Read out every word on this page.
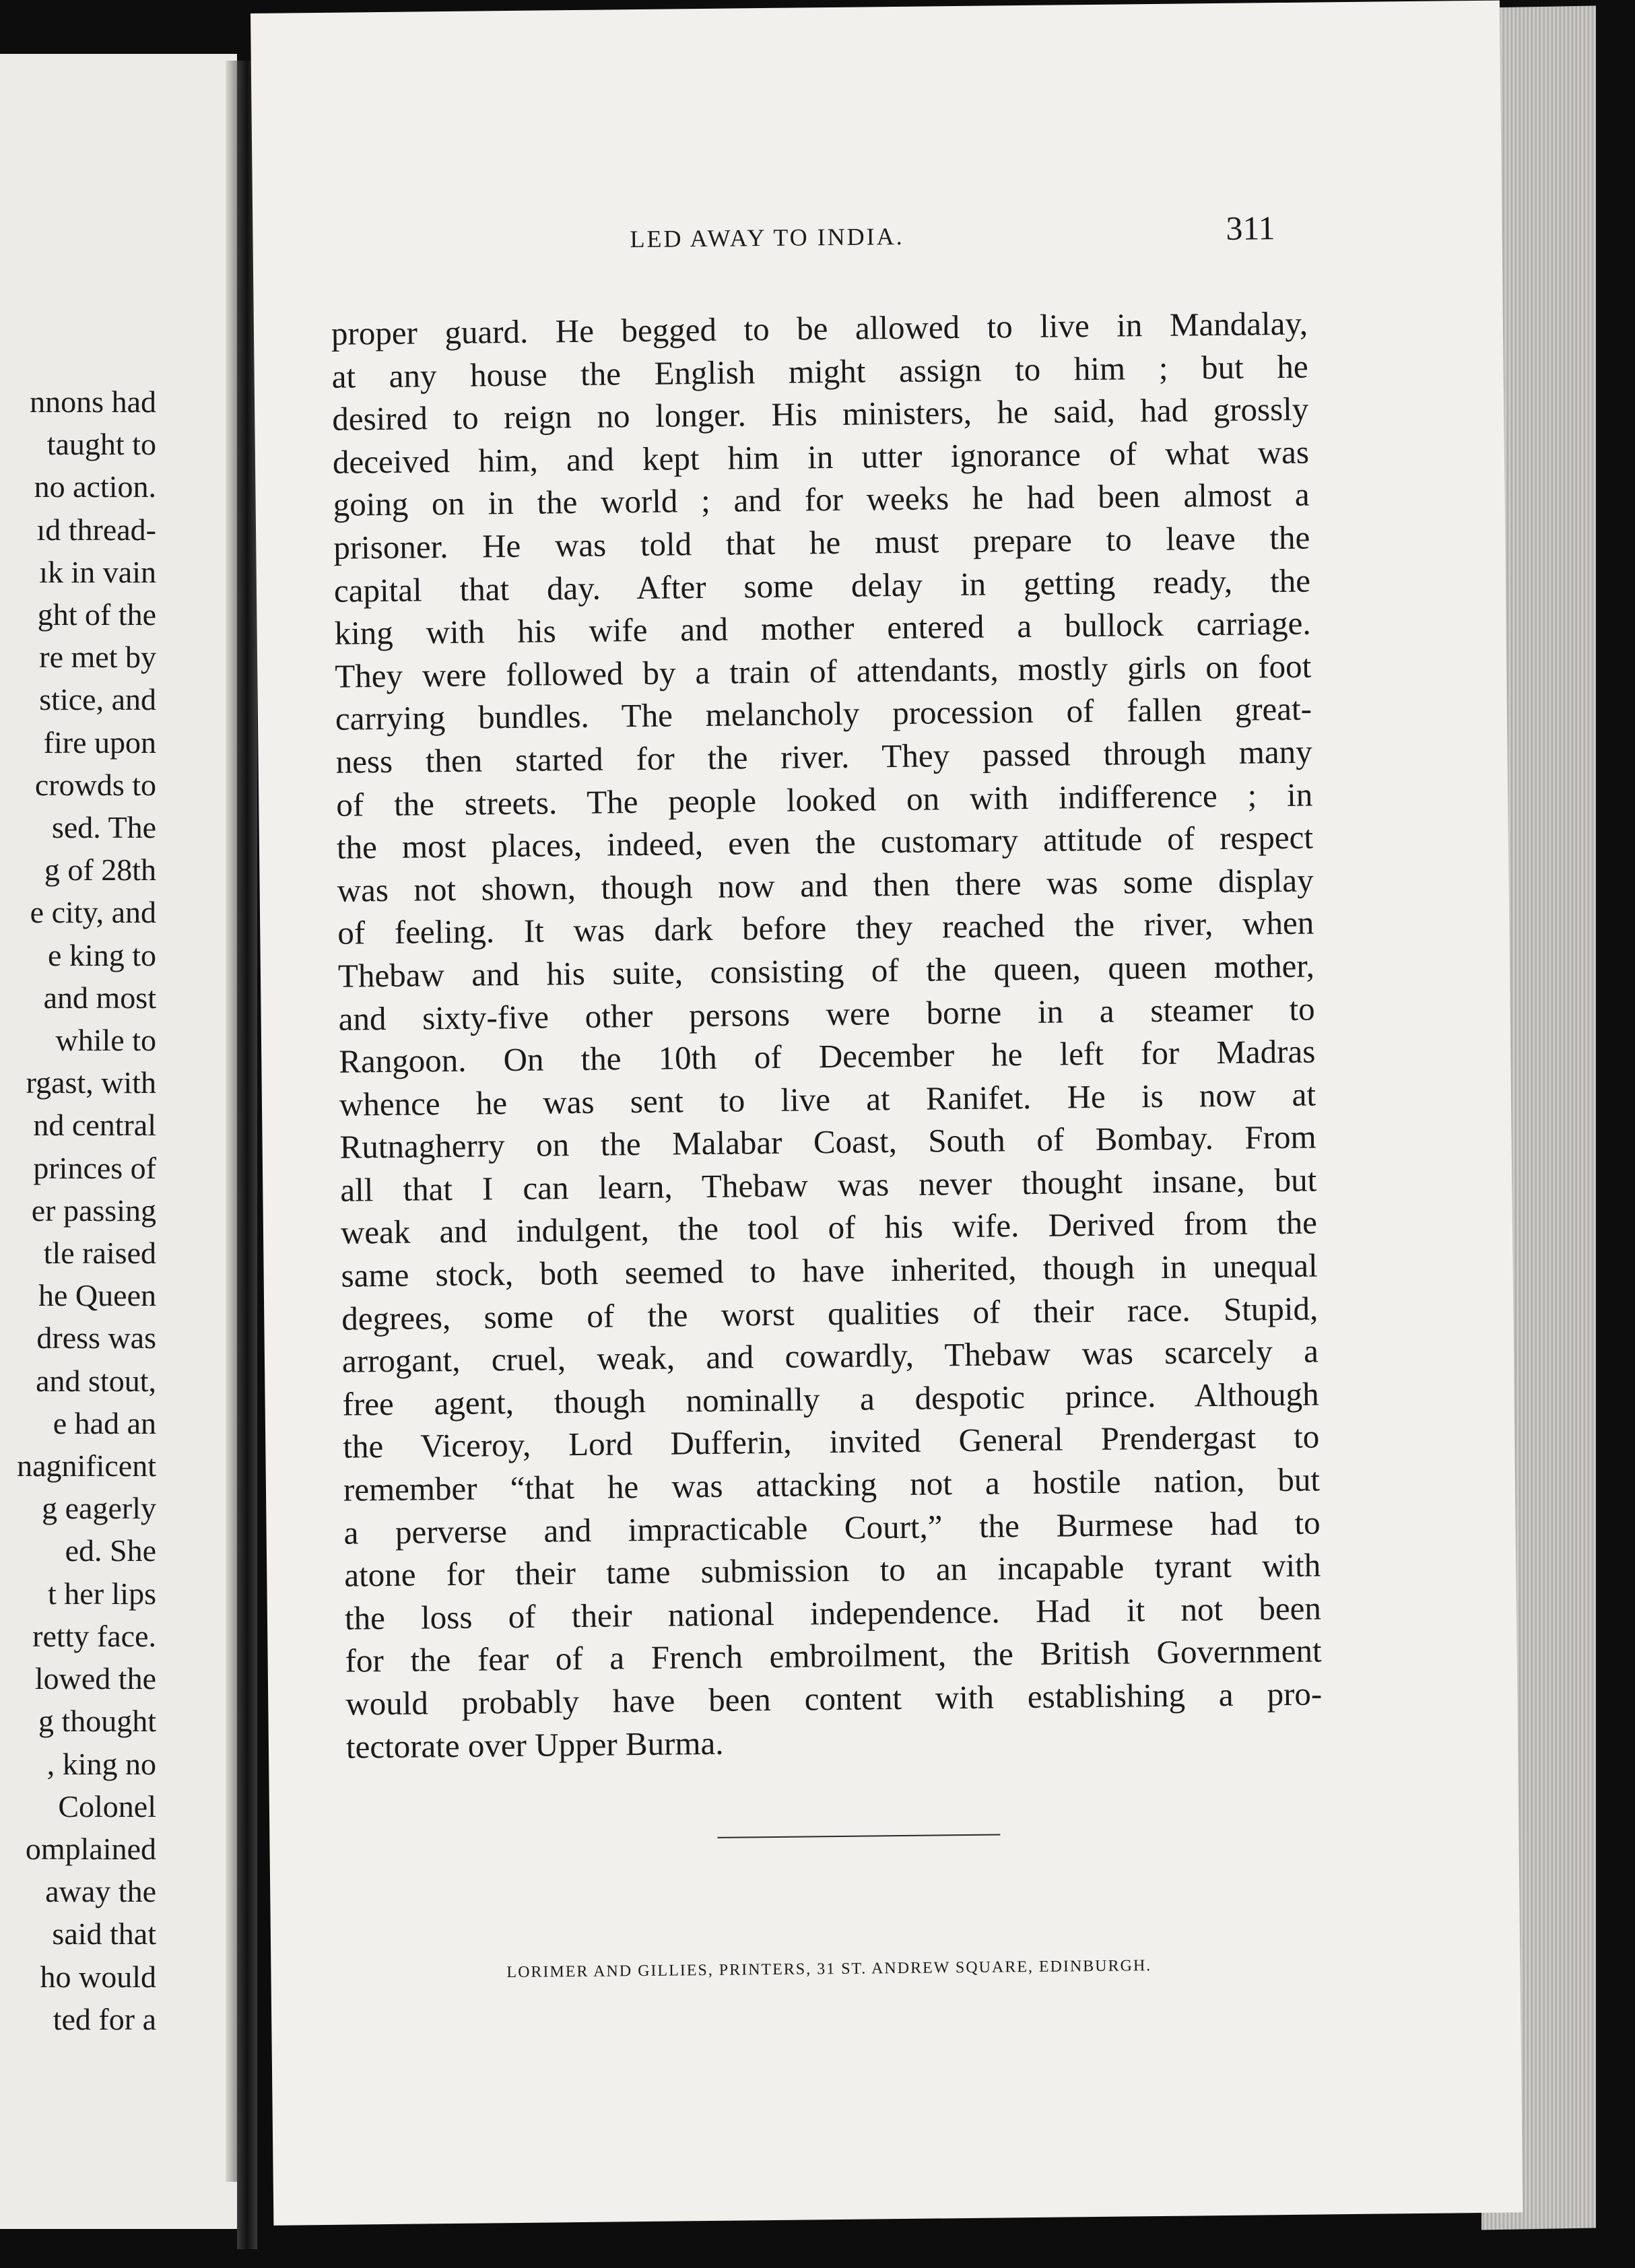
nnons had
taught to
no action.
ıd thread-
ık in vain
ght of the
re met by
stice, and
fire upon
crowds to
sed. The
g of 28th
e city, and
e king to
and most
while to
rgast, with
nd central
princes of
er passing
tle raised
he Queen
dress was
and stout,
e had an
nagnificent
g eagerly
ed. She
t her lips
retty face.
lowed the
g thought
, king no
Colonel
omplained
away the
said that
ho would
ted for a
LED AWAY TO INDIA.	311
proper guard. He begged to be allowed to live in Mandalay,
at any house the English might assign to him ; but he
desired to reign no longer. His ministers, he said, had grossly
deceived him, and kept him in utter ignorance of what was
going on in the world ; and for weeks he had been almost a
prisoner. He was told that he must prepare to leave the
capital that day. After some delay in getting ready, the
king with his wife and mother entered a bullock carriage.
They were followed by a train of attendants, mostly girls on foot
carrying bundles. The melancholy procession of fallen great-
ness then started for the river. They passed through many
of the streets. The people looked on with indifference ; in
the most places, indeed, even the customary attitude of respect
was not shown, though now and then there was some display
of feeling. It was dark before they reached the river, when
Thebaw and his suite, consisting of the queen, queen mother,
and sixty-five other persons were borne in a steamer to
Rangoon. On the 10th of December he left for Madras
whence he was sent to live at Ranifet. He is now at
Rutnagherry on the Malabar Coast, South of Bombay. From
all that I can learn, Thebaw was never thought insane, but
weak and indulgent, the tool of his wife. Derived from the
same stock, both seemed to have inherited, though in unequal
degrees, some of the worst qualities of their race. Stupid,
arrogant, cruel, weak, and cowardly, Thebaw was scarcely a
free agent, though nominally a despotic prince. Although
the Viceroy, Lord Dufferin, invited General Prendergast to
remember “that he was attacking not a hostile nation, but
a perverse and impracticable Court,” the Burmese had to
atone for their tame submission to an incapable tyrant with
the loss of their national independence. Had it not been
for the fear of a French embroilment, the British Government
would probably have been content with establishing a pro-
tectorate over Upper Burma.
LORIMER AND GILLIES, PRINTERS, 31 ST. ANDREW SQUARE, EDINBURGH.
